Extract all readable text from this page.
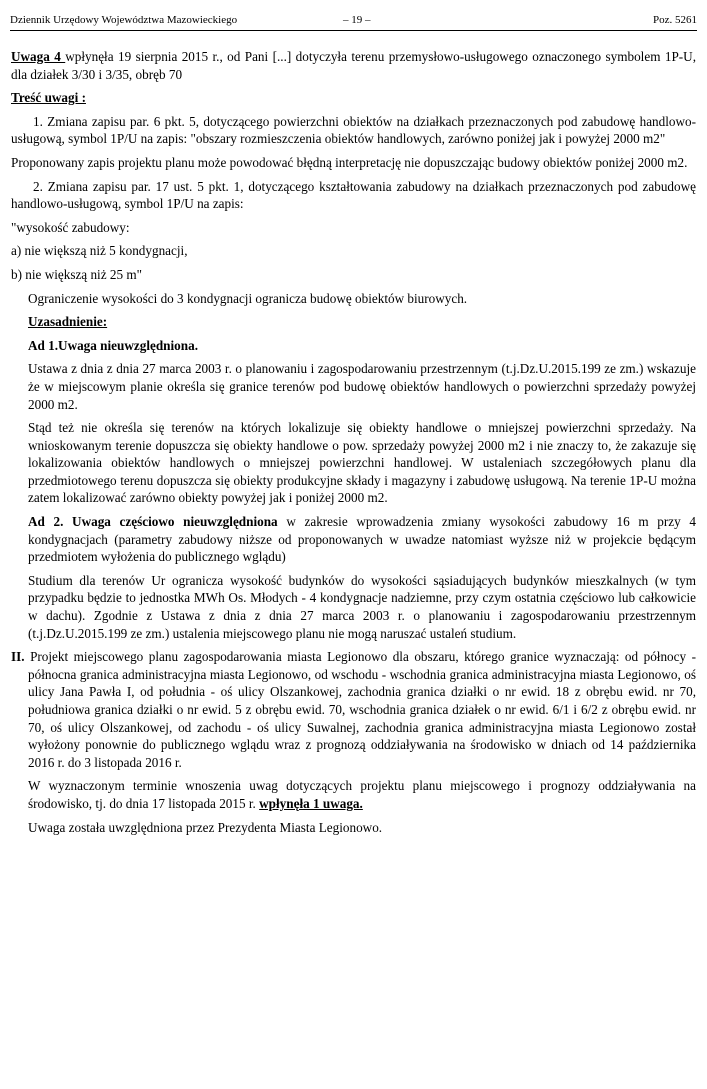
Dziennik Urzędowy Województwa Mazowieckiego	– 19 –	Poz. 5261

Uwaga 4 wpłynęła 19 sierpnia 2015 r., od Pani [...] dotyczyła terenu przemysłowo-usługowego oznaczonego symbolem 1P-U, dla działek 3/30 i 3/35, obręb 70

Treść uwagi :

1. Zmiana zapisu par. 6 pkt. 5, dotyczącego powierzchni obiektów na działkach przeznaczonych pod zabudowę handlowo-usługową, symbol 1P/U na zapis: "obszary rozmieszczenia obiektów handlowych, zarówno poniżej jak i powyżej 2000 m2"

Proponowany zapis projektu planu może powodować błędną interpretację nie dopuszczając budowy obiektów poniżej 2000 m2.

2. Zmiana zapisu par. 17 ust. 5 pkt. 1, dotyczącego kształtowania zabudowy na działkach przeznaczonych pod zabudowę handlowo-usługową, symbol 1P/U na zapis:

"wysokość zabudowy:

a) nie większą niż 5 kondygnacji,

b) nie większą niż 25 m"

Ograniczenie wysokości do 3 kondygnacji ogranicza budowę obiektów biurowych.

Uzasadnienie:

Ad 1.Uwaga nieuwzględniona.

Ustawa z dnia z dnia 27 marca 2003 r. o planowaniu i zagospodarowaniu przestrzennym (t.j.Dz.U.2015.199 ze zm.) wskazuje że w miejscowym planie określa się granice terenów pod budowę obiektów handlowych o powierzchni sprzedaży powyżej 2000 m2.

Stąd też nie określa się terenów na których lokalizuje się obiekty handlowe o mniejszej powierzchni sprzedaży. Na wnioskowanym terenie dopuszcza się obiekty handlowe o pow. sprzedaży powyżej 2000 m2 i nie znaczy to, że zakazuje się lokalizowania obiektów handlowych o mniejszej powierzchni handlowej. W ustaleniach szczegółowych planu dla przedmiotowego terenu dopuszcza się obiekty produkcyjne składy i magazyny i zabudowę usługową. Na terenie 1P-U można zatem lokalizować zarówno obiekty powyżej jak i poniżej 2000 m2.

Ad 2. Uwaga częściowo nieuwzględniona w zakresie wprowadzenia zmiany wysokości zabudowy 16 m przy 4 kondygnacjach (parametry zabudowy niższe od proponowanych w uwadze natomiast wyższe niż w projekcie będącym przedmiotem wyłożenia do publicznego wglądu)

Studium dla terenów Ur ogranicza wysokość budynków do wysokości sąsiadujących budynków mieszkalnych (w tym przypadku będzie to jednostka MWh Os. Młodych - 4 kondygnacje nadziemne, przy czym ostatnia częściowo lub całkowicie w dachu). Zgodnie z Ustawa z dnia z dnia 27 marca 2003 r. o planowaniu i zagospodarowaniu przestrzennym (t.j.Dz.U.2015.199 ze zm.) ustalenia miejscowego planu nie mogą naruszać ustaleń studium.

II. Projekt miejscowego planu zagospodarowania miasta Legionowo dla obszaru, którego granice wyznaczają: od północy - północna granica administracyjna miasta Legionowo, od wschodu - wschodnia granica administracyjna miasta Legionowo, oś ulicy Jana Pawła I, od południa - oś ulicy Olszankowej, zachodnia granica działki o nr ewid. 18 z obrębu ewid. nr 70, południowa granica działki o nr ewid. 5 z obrębu ewid. 70, wschodnia granica działek o nr ewid. 6/1 i 6/2 z obrębu ewid. nr 70, oś ulicy Olszankowej, od zachodu - oś ulicy Suwalnej, zachodnia granica administracyjna miasta Legionowo został wyłożony ponownie do publicznego wglądu wraz z prognozą oddziaływania na środowisko w dniach od 14 października 2016 r. do 3 listopada 2016 r.

W wyznaczonym terminie wnoszenia uwag dotyczących projektu planu miejscowego i prognozy oddziaływania na środowisko, tj. do dnia 17 listopada 2015 r. wpłynęła 1 uwaga.

Uwaga została uwzględniona przez Prezydenta Miasta Legionowo.
